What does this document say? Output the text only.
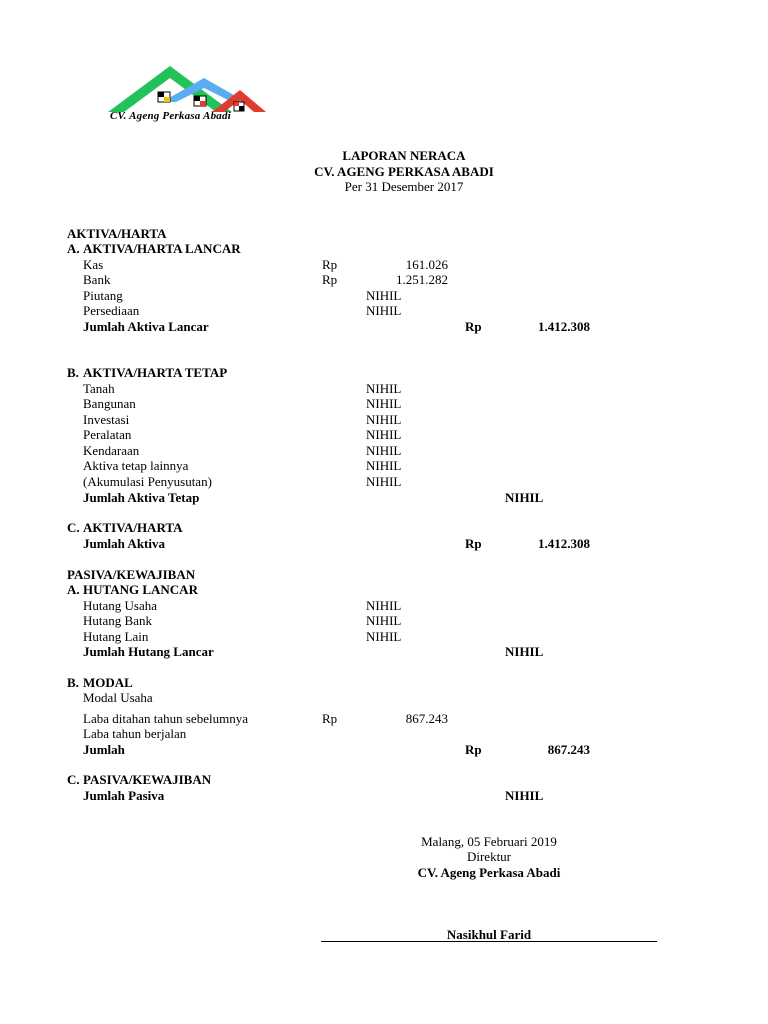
CV. Ageng Perkasa Abadi
LAPORAN NERACA
CV. AGENG PERKASA ABADI
Per 31 Desember 2017
AKTIVA/HARTA
A. AKTIVA/HARTA LANCAR
Kas	Rp	161.026
Bank	Rp	1.251.282
Piutang	NIHIL
Persediaan	NIHIL
Jumlah Aktiva Lancar	Rp	1.412.308
B. AKTIVA/HARTA TETAP
Tanah	NIHIL
Bangunan	NIHIL
Investasi	NIHIL
Peralatan	NIHIL
Kendaraan	NIHIL
Aktiva tetap lainnya	NIHIL
(Akumulasi Penyusutan)	NIHIL
Jumlah Aktiva Tetap	NIHIL
C. AKTIVA/HARTA
Jumlah Aktiva	Rp	1.412.308
PASIVA/KEWAJIBAN
A. HUTANG LANCAR
Hutang Usaha	NIHIL
Hutang Bank	NIHIL
Hutang Lain	NIHIL
Jumlah Hutang Lancar	NIHIL
B. MODAL
Modal Usaha
Laba ditahan tahun sebelumnya	Rp	867.243
Laba tahun berjalan
Jumlah	Rp	867.243
C. PASIVA/KEWAJIBAN
Jumlah Pasiva	NIHIL
Malang, 05 Februari 2019
Direktur
CV. Ageng Perkasa Abadi
Nasikhul Farid
